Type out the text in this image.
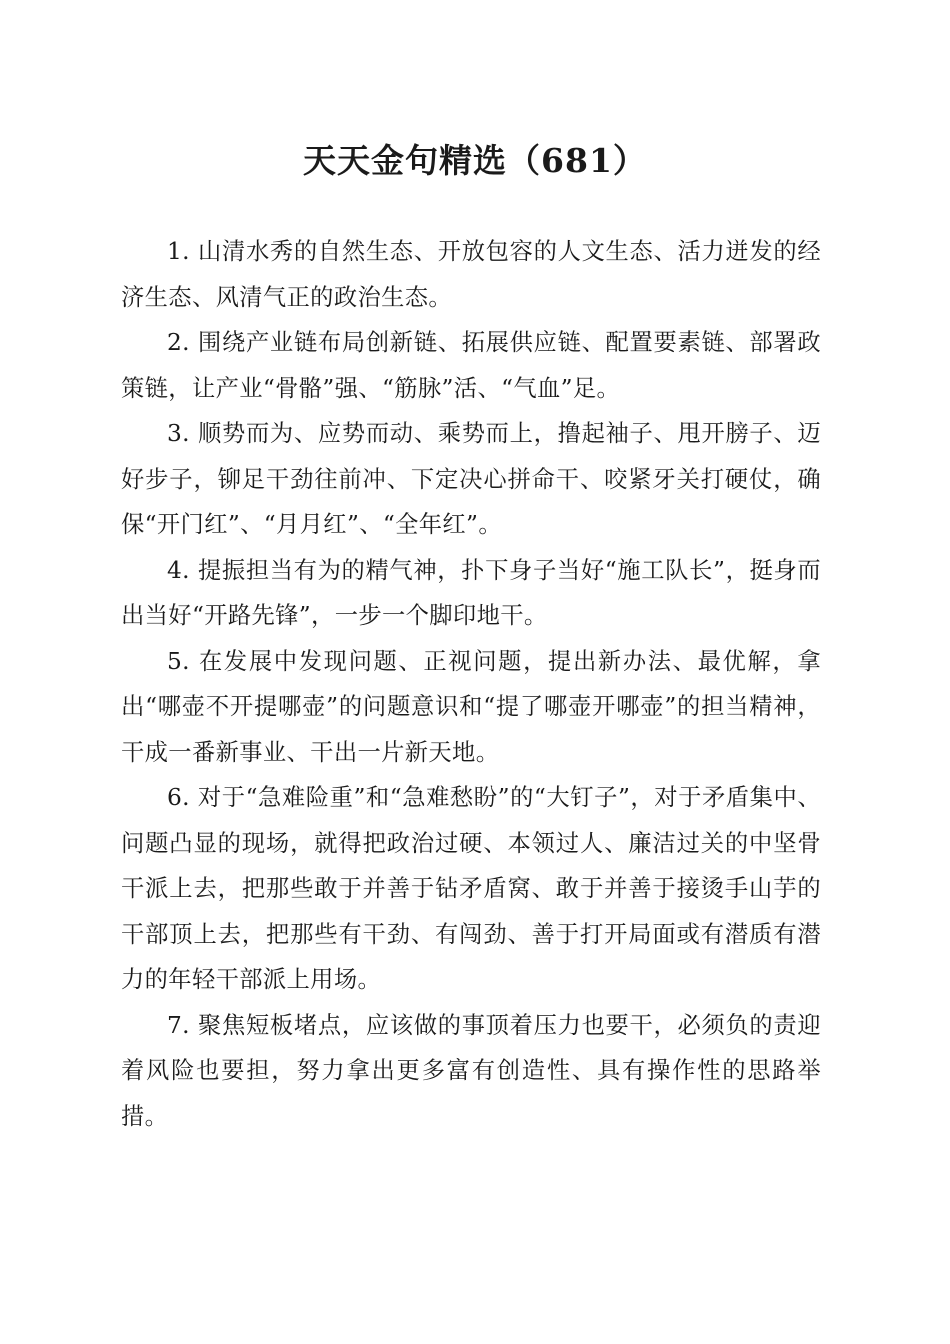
天天金句精选（681）

1. 山清水秀的自然生态、开放包容的人文生态、活力迸发的经济生态、风清气正的政治生态。

2. 围绕产业链布局创新链、拓展供应链、配置要素链、部署政策链，让产业“骨骼”强、“筋脉”活、“气血”足。

3. 顺势而为、应势而动、乘势而上，撸起袖子、甩开膀子、迈好步子，铆足干劲往前冲、下定决心拼命干、咬紧牙关打硬仗，确保“开门红”、“月月红”、“全年红”。

4. 提振担当有为的精气神，扑下身子当好“施工队长”，挺身而出当好“开路先锋”，一步一个脚印地干。

5. 在发展中发现问题、正视问题，提出新办法、最优解，拿出“哪壶不开提哪壶”的问题意识和“提了哪壶开哪壶”的担当精神，干成一番新事业、干出一片新天地。

6. 对于“急难险重”和“急难愁盼”的“大钉子”，对于矛盾集中、问题凸显的现场，就得把政治过硬、本领过人、廉洁过关的中坚骨干派上去，把那些敢于并善于钻矛盾窝、敢于并善于接烫手山芋的干部顶上去，把那些有干劲、有闯劲、善于打开局面或有潜质有潜力的年轻干部派上用场。

7. 聚焦短板堵点，应该做的事顶着压力也要干，必须负的责迎着风险也要担，努力拿出更多富有创造性、具有操作性的思路举措。
